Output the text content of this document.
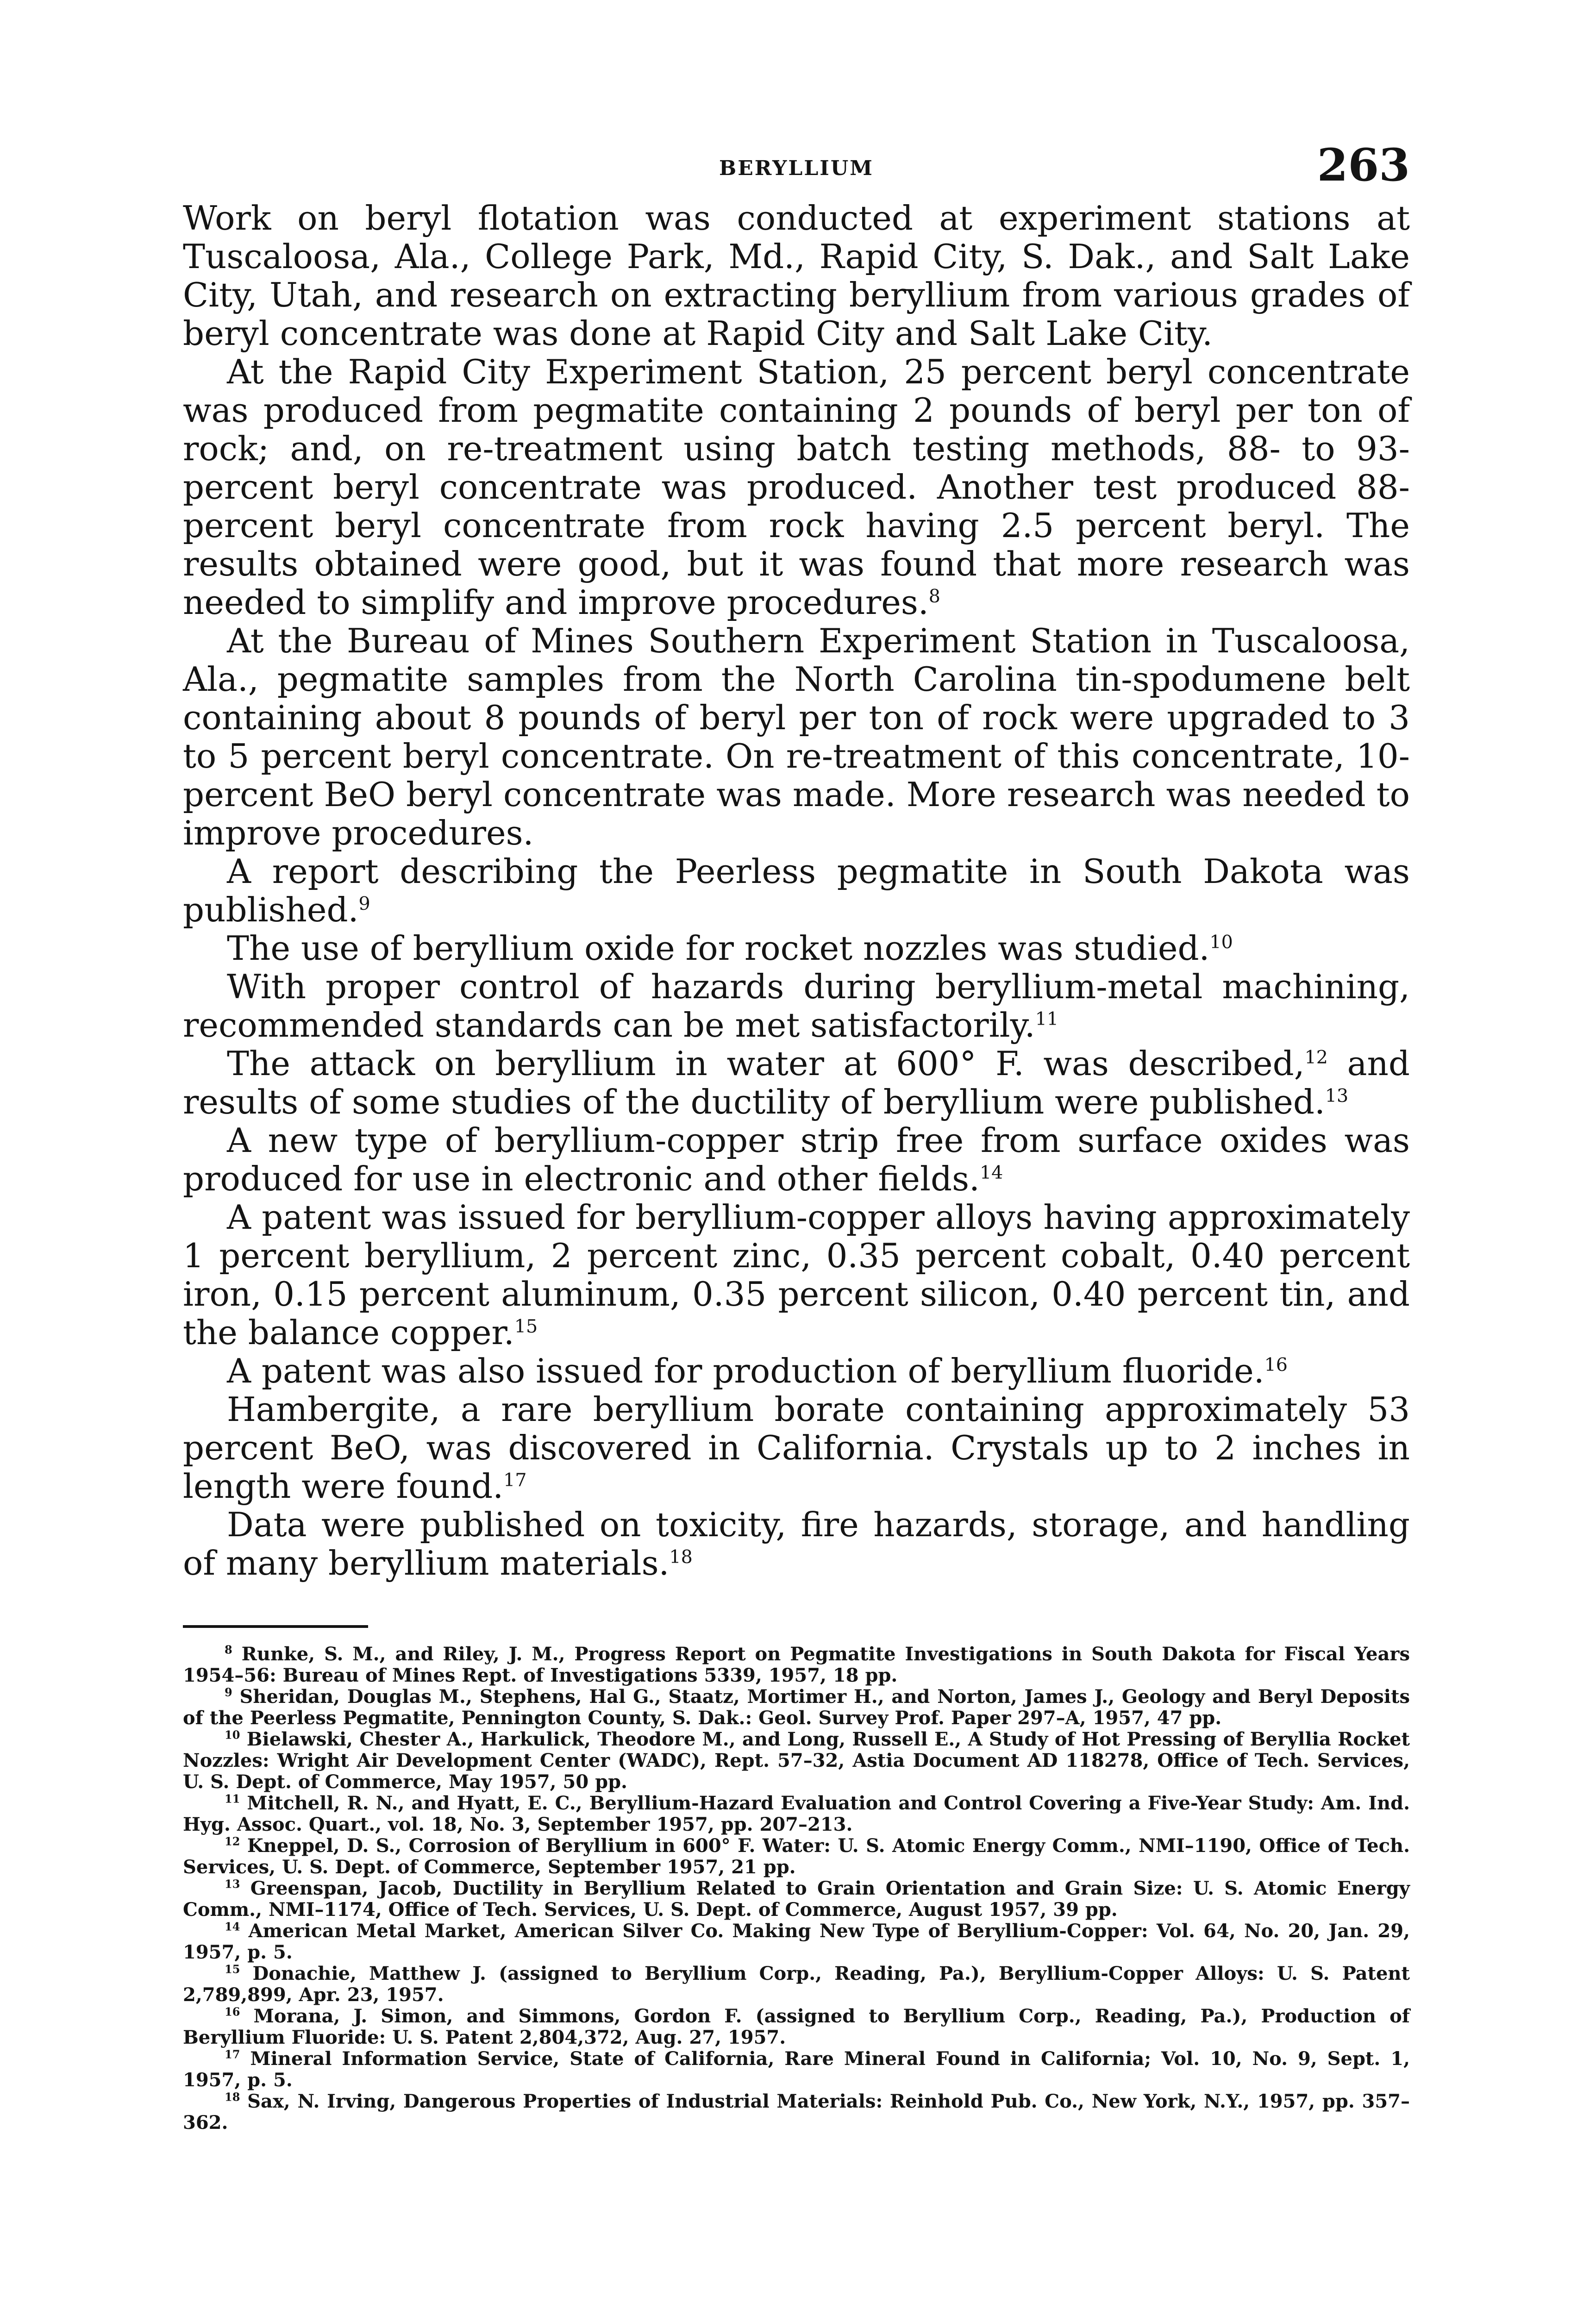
BERYLLIUM	263

Work on beryl flotation was conducted at experiment stations at Tuscaloosa, Ala., College Park, Md., Rapid City, S. Dak., and Salt Lake City, Utah, and research on extracting beryllium from various grades of beryl concentrate was done at Rapid City and Salt Lake City.

At the Rapid City Experiment Station, 25 percent beryl concentrate was produced from pegmatite containing 2 pounds of beryl per ton of rock; and, on re-treatment using batch testing methods, 88- to 93-percent beryl concentrate was produced. Another test produced 88-percent beryl concentrate from rock having 2.5 percent beryl. The results obtained were good, but it was found that more research was needed to simplify and improve procedures.$^8$

At the Bureau of Mines Southern Experiment Station in Tuscaloosa, Ala., pegmatite samples from the North Carolina tin-spodumene belt containing about 8 pounds of beryl per ton of rock were upgraded to 3 to 5 percent beryl concentrate. On re-treatment of this concentrate, 10-percent BeO beryl concentrate was made. More research was needed to improve procedures.

A report describing the Peerless pegmatite in South Dakota was published.$^9$

The use of beryllium oxide for rocket nozzles was studied.$^{10}$

With proper control of hazards during beryllium-metal machining, recommended standards can be met satisfactorily.$^{11}$

The attack on beryllium in water at 600° F. was described,$^{12}$ and results of some studies of the ductility of beryllium were published.$^{13}$

A new type of beryllium-copper strip free from surface oxides was produced for use in electronic and other fields.$^{14}$

A patent was issued for beryllium-copper alloys having approximately 1 percent beryllium, 2 percent zinc, 0.35 percent cobalt, 0.40 percent iron, 0.15 percent aluminum, 0.35 percent silicon, 0.40 percent tin, and the balance copper.$^{15}$

A patent was also issued for production of beryllium fluoride.$^{16}$

Hambergite, a rare beryllium borate containing approximately 53 percent BeO, was discovered in California. Crystals up to 2 inches in length were found.$^{17}$

Data were published on toxicity, fire hazards, storage, and handling of many beryllium materials.$^{18}$

$^8$ Runke, S. M., and Riley, J. M., Progress Report on Pegmatite Investigations in South Dakota for Fiscal Years 1954–56: Bureau of Mines Rept. of Investigations 5339, 1957, 18 pp.

$^9$ Sheridan, Douglas M., Stephens, Hal G., Staatz, Mortimer H., and Norton, James J., Geology and Beryl Deposits of the Peerless Pegmatite, Pennington County, S. Dak.: Geol. Survey Prof. Paper 297–A, 1957, 47 pp.

$^{10}$ Bielawski, Chester A., Harkulick, Theodore M., and Long, Russell E., A Study of Hot Pressing of Beryllia Rocket Nozzles: Wright Air Development Center (WADC), Rept. 57–32, Astia Document AD 118278, Office of Tech. Services, U. S. Dept. of Commerce, May 1957, 50 pp.

$^{11}$ Mitchell, R. N., and Hyatt, E. C., Beryllium-Hazard Evaluation and Control Covering a Five-Year Study: Am. Ind. Hyg. Assoc. Quart., vol. 18, No. 3, September 1957, pp. 207–213.

$^{12}$ Kneppel, D. S., Corrosion of Beryllium in 600° F. Water: U. S. Atomic Energy Comm., NMI–1190, Office of Tech. Services, U. S. Dept. of Commerce, September 1957, 21 pp.

$^{13}$ Greenspan, Jacob, Ductility in Beryllium Related to Grain Orientation and Grain Size: U. S. Atomic Energy Comm., NMI–1174, Office of Tech. Services, U. S. Dept. of Commerce, August 1957, 39 pp.

$^{14}$ American Metal Market, American Silver Co. Making New Type of Beryllium-Copper: Vol. 64, No. 20, Jan. 29, 1957, p. 5.

$^{15}$ Donachie, Matthew J. (assigned to Beryllium Corp., Reading, Pa.), Beryllium-Copper Alloys: U. S. Patent 2,789,899, Apr. 23, 1957.

$^{16}$ Morana, J. Simon, and Simmons, Gordon F. (assigned to Beryllium Corp., Reading, Pa.), Production of Beryllium Fluoride: U. S. Patent 2,804,372, Aug. 27, 1957.

$^{17}$ Mineral Information Service, State of California, Rare Mineral Found in California; Vol. 10, No. 9, Sept. 1, 1957, p. 5.

$^{18}$ Sax, N. Irving, Dangerous Properties of Industrial Materials: Reinhold Pub. Co., New York, N.Y., 1957, pp. 357–362.
